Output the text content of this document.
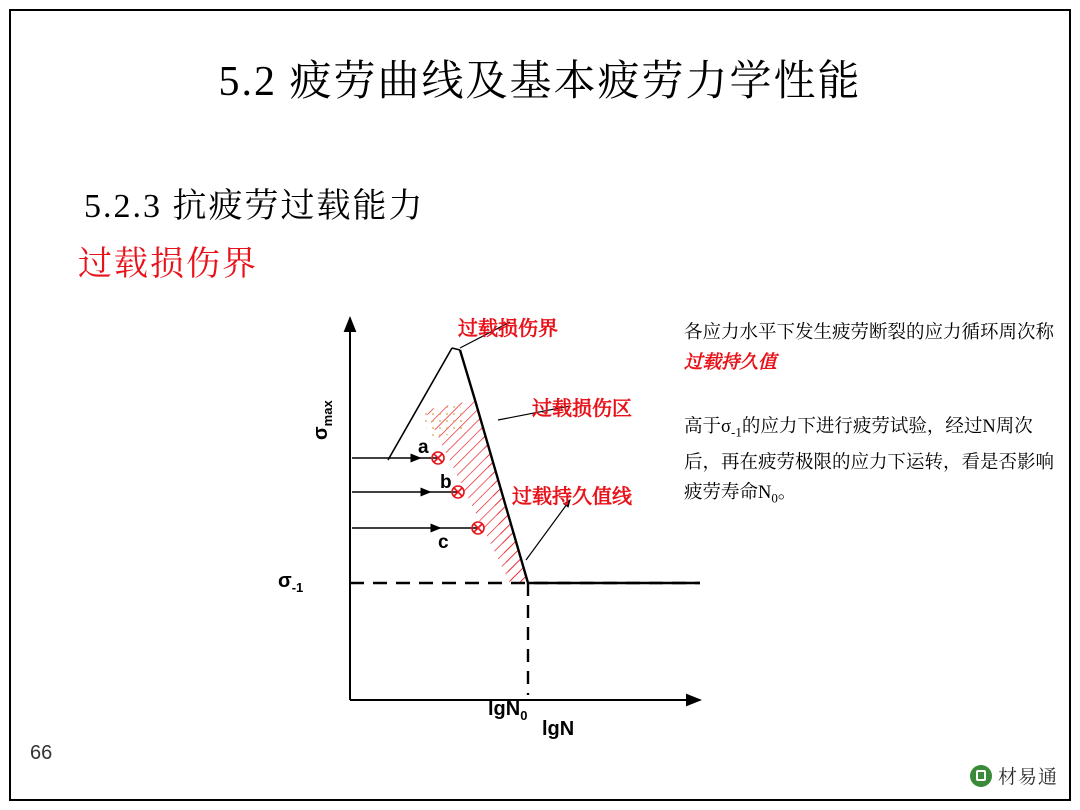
5.2 疲劳曲线及基本疲劳力学性能
5.2.3 抗疲劳过载能力
过载损伤界
66
材易通
过载损伤界
过载损伤区
过载持久值线
a
b
c
$\sigma_{max}$
$\sigma_{-1}$
lgN$_0$
lgN
各应力水平下发生疲劳断裂的应力循环周次称过载持久值
高于$\sigma_{-1}$的应力下进行疲劳试验，经过N周次后，再在疲劳极限的应力下运转，看是否影响疲劳寿命$N_0$。
